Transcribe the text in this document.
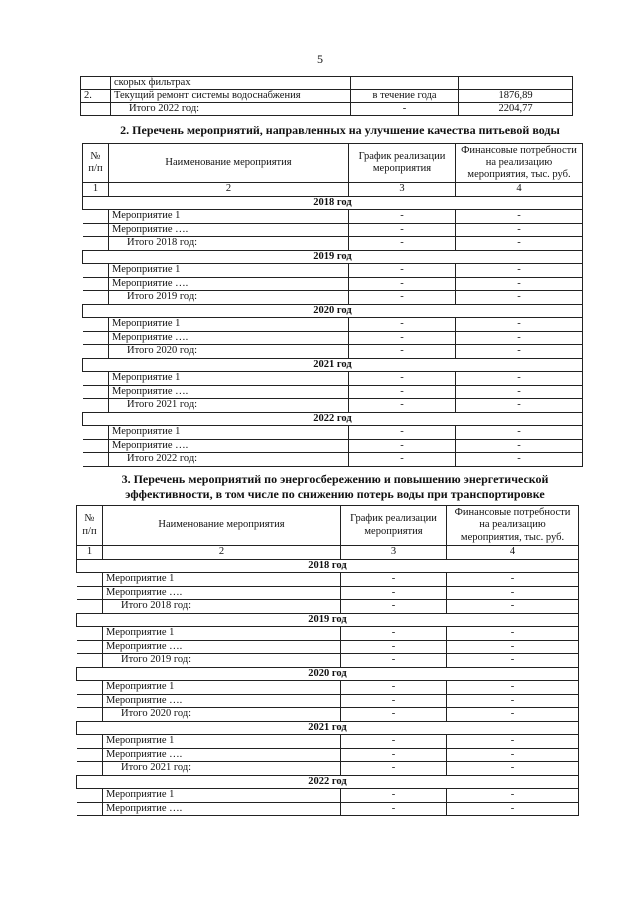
5
	скорых фильтрах		
2.	Текущий ремонт системы водоснабжения	в течение года	1876,89
	Итого 2022 год:	-	2204,77
2. Перечень мероприятий, направленных на улучшение качества питьевой воды
№ п/п	Наименование мероприятия	График реализации мероприятия	Финансовые потребности на реализацию мероприятия, тыс. руб.
1	2	3	4
2018 год			
	Мероприятие 1	-	-
	Мероприятие ….	-	-
	Итого 2018 год:	-	-
2019 год			
	Мероприятие 1	-	-
	Мероприятие ….	-	-
	Итого 2019 год:	-	-
2020 год			
	Мероприятие 1	-	-
	Мероприятие ….	-	-
	Итого 2020 год:	-	-
2021 год			
	Мероприятие 1	-	-
	Мероприятие ….	-	-
	Итого 2021 год:	-	-
2022 год			
	Мероприятие 1	-	-
	Мероприятие ….	-	-
	Итого 2022 год:	-	-
3. Перечень мероприятий по энергосбережению и повышению энергетической
эффективности, в том числе по снижению потерь воды при транспортировке
№ п/п	Наименование мероприятия	График реализации мероприятия	Финансовые потребности на реализацию мероприятия, тыс. руб.
1	2	3	4
2018 год			
	Мероприятие 1	-	-
	Мероприятие ….	-	-
	Итого 2018 год:	-	-
2019 год			
	Мероприятие 1	-	-
	Мероприятие ….	-	-
	Итого 2019 год:	-	-
2020 год			
	Мероприятие 1	-	-
	Мероприятие ….	-	-
	Итого 2020 год:	-	-
2021 год			
	Мероприятие 1	-	-
	Мероприятие ….	-	-
	Итого 2021 год:	-	-
2022 год			
	Мероприятие 1	-	-
	Мероприятие ….	-	-
